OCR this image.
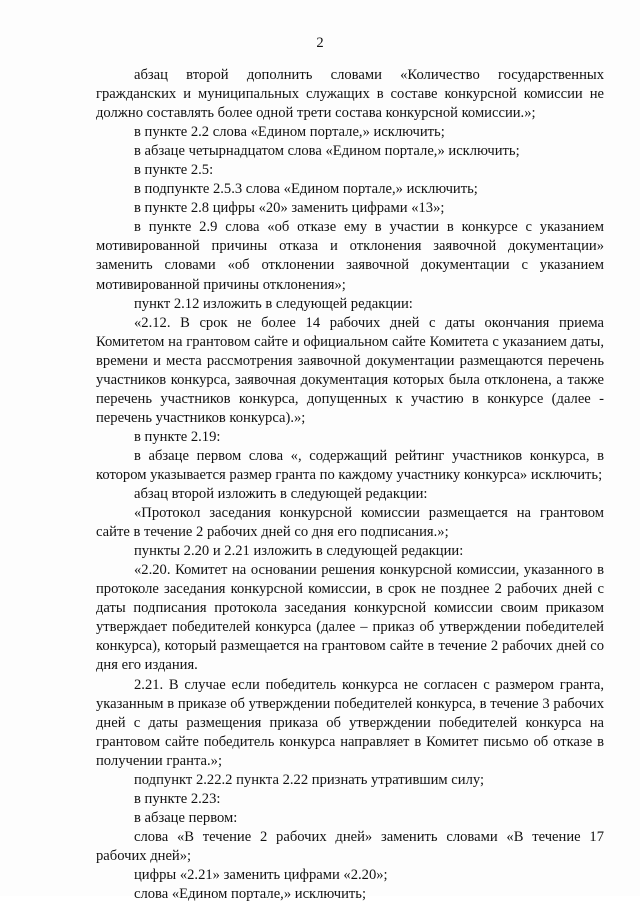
2

абзац второй дополнить словами «Количество государственных гражданских и муниципальных служащих в составе конкурсной комиссии не должно составлять более одной трети состава конкурсной комиссии.»;

в пункте 2.2 слова «Едином портале,» исключить;

в абзаце четырнадцатом слова «Едином портале,» исключить;

в пункте 2.5:

в подпункте 2.5.3 слова «Едином портале,» исключить;

в пункте 2.8 цифры «20» заменить цифрами «13»;

в пункте 2.9 слова «об отказе ему в участии в конкурсе с указанием мотивированной причины отказа и отклонения заявочной документации» заменить словами «об отклонении заявочной документации с указанием мотивированной причины отклонения»;

пункт 2.12 изложить в следующей редакции:

«2.12. В срок не более 14 рабочих дней с даты окончания приема Комитетом на грантовом сайте и официальном сайте Комитета с указанием даты, времени и места рассмотрения заявочной документации размещаются перечень участников конкурса, заявочная документация которых была отклонена, а также перечень участников конкурса, допущенных к участию в конкурсе (далее - перечень участников конкурса).»;

в пункте 2.19:

в абзаце первом слова «, содержащий рейтинг участников конкурса, в котором указывается размер гранта по каждому участнику конкурса» исключить;

абзац второй изложить в следующей редакции:

«Протокол заседания конкурсной комиссии размещается на грантовом сайте в течение 2 рабочих дней со дня его подписания.»;

пункты 2.20 и 2.21 изложить в следующей редакции:

«2.20. Комитет на основании решения конкурсной комиссии, указанного в протоколе заседания конкурсной комиссии, в срок не позднее 2 рабочих дней с даты подписания протокола заседания конкурсной комиссии своим приказом утверждает победителей конкурса (далее – приказ об утверждении победителей конкурса), который размещается на грантовом сайте в течение 2 рабочих дней со дня его издания.

2.21. В случае если победитель конкурса не согласен с размером гранта, указанным в приказе об утверждении победителей конкурса, в течение 3 рабочих дней с даты размещения приказа об утверждении победителей конкурса на грантовом сайте победитель конкурса направляет в Комитет письмо об отказе в получении гранта.»;

подпункт 2.22.2 пункта 2.22 признать утратившим силу;

в пункте 2.23:

в абзаце первом:

слова «В течение 2 рабочих дней» заменить словами «В течение 17 рабочих дней»;

цифры «2.21» заменить цифрами «2.20»;

слова «Едином портале,» исключить;
